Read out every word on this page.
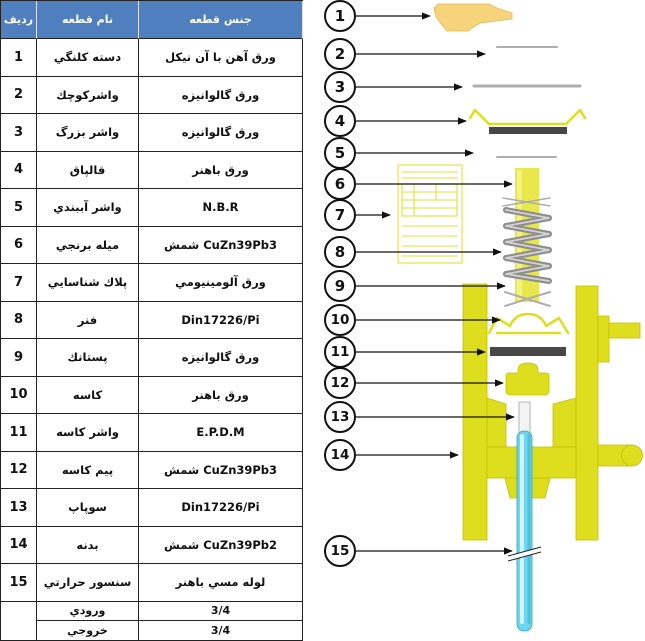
ردیف	نام قطعه	جنس قطعه
1	دسته كلنگي	ورق آهن با آن نيكل
2	واشركوچك	ورق گالوانيزه
3	واشر بزرگ	ورق گالوانيزه
4	قالپاق	ورق باهنر
5	واشر آببندي	N.B.R
6	ميله برنجي	شمش CuZn39Pb3
7	پلاك شناسايي	ورق آلومينيومي
8	فنر	Din17226/Pi
9	پستانك	ورق گالوانيزه
10	كاسه	ورق باهنر
11	واشر كاسه	E.P.D.M
12	پيم كاسه	شمش CuZn39Pb3
13	سوپاپ	Din17226/Pi
14	بدنه	شمش CuZn39Pb2
15	سنسور حرارتي	لوله مسي باهنر
ورودي	3/4
خروجي	3/4
1
2
3
4
5
6
7
8
9
10
11
12
13
14
15
